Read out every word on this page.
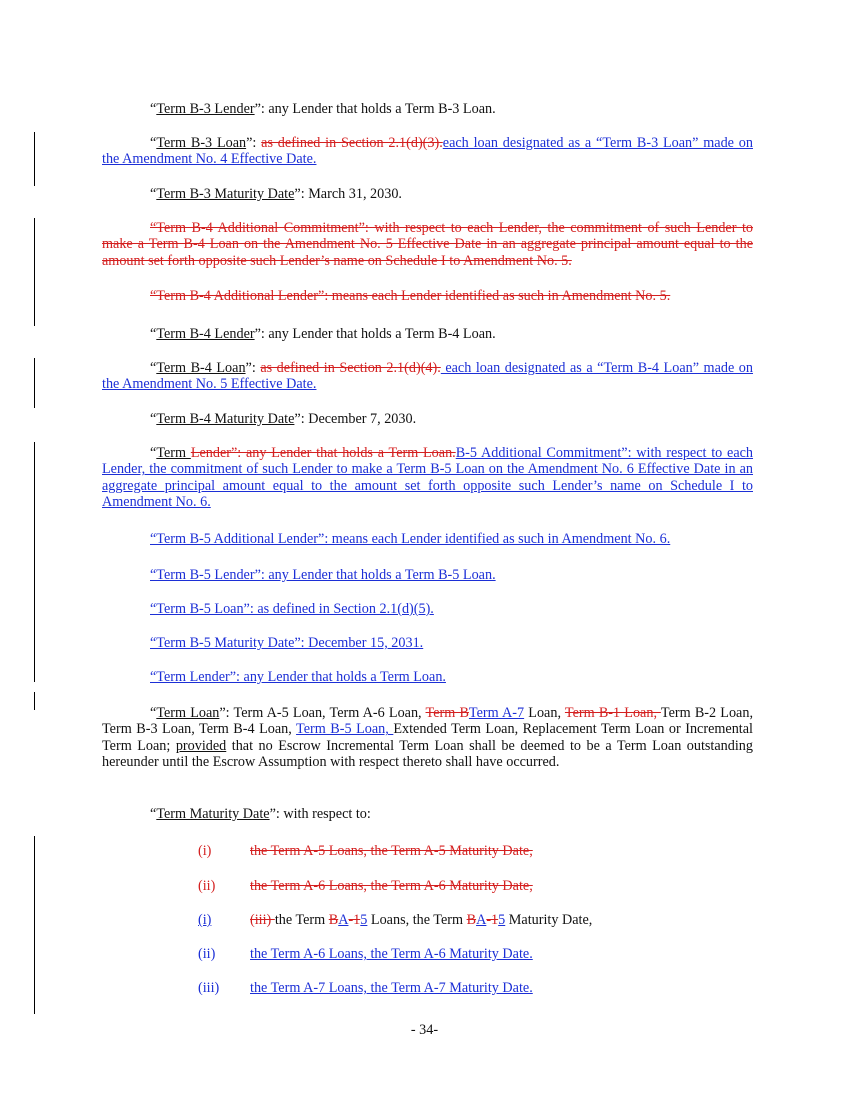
“Term B-3 Lender”: any Lender that holds a Term B-3 Loan.

“Term B-3 Loan”: as defined in Section 2.1(d)(3).each loan designated as a “Term B-3 Loan” made on the Amendment No. 4 Effective Date.

“Term B-3 Maturity Date”: March 31, 2030.

“Term B-4 Additional Commitment”: with respect to each Lender, the commitment of such Lender to make a Term B-4 Loan on the Amendment No. 5 Effective Date in an aggregate principal amount equal to the amount set forth opposite such Lender’s name on Schedule I to Amendment No. 5.

“Term B-4 Additional Lender”: means each Lender identified as such in Amendment No. 5.

“Term B-4 Lender”: any Lender that holds a Term B-4 Loan.

“Term B-4 Loan”: as defined in Section 2.1(d)(4). each loan designated as a “Term B-4 Loan” made on the Amendment No. 5 Effective Date.

“Term B-4 Maturity Date”: December 7, 2030.

“Term Lender”: any Lender that holds a Term Loan.B-5 Additional Commitment”: with respect to each Lender, the commitment of such Lender to make a Term B-5 Loan on the Amendment No. 6 Effective Date in an aggregate principal amount equal to the amount set forth opposite such Lender’s name on Schedule I to Amendment No. 6.

“Term B-5 Additional Lender”: means each Lender identified as such in Amendment No. 6.

“Term B-5 Lender”: any Lender that holds a Term B-5 Loan.

“Term B-5 Loan”: as defined in Section 2.1(d)(5).

“Term B-5 Maturity Date”: December 15, 2031.

“Term Lender”: any Lender that holds a Term Loan.

“Term Loan”: Term A-5 Loan, Term A-6 Loan, Term BTerm A-7 Loan, Term B-1 Loan, Term B-2 Loan, Term B-3 Loan, Term B-4 Loan, Term B-5 Loan, Extended Term Loan, Replacement Term Loan or Incremental Term Loan; provided that no Escrow Incremental Term Loan shall be deemed to be a Term Loan outstanding hereunder until the Escrow Assumption with respect thereto shall have occurred.

“Term Maturity Date”: with respect to:

(i)	the Term A-5 Loans, the Term A-5 Maturity Date,
(ii) the Term A-6 Loans, the Term A-6 Maturity Date,
(i)	(iii) the Term BA-15 Loans, the Term BA-15 Maturity Date,
(ii) the Term A-6 Loans, the Term A-6 Maturity Date.
(iii) the Term A-7 Loans, the Term A-7 Maturity Date.
- 34-
